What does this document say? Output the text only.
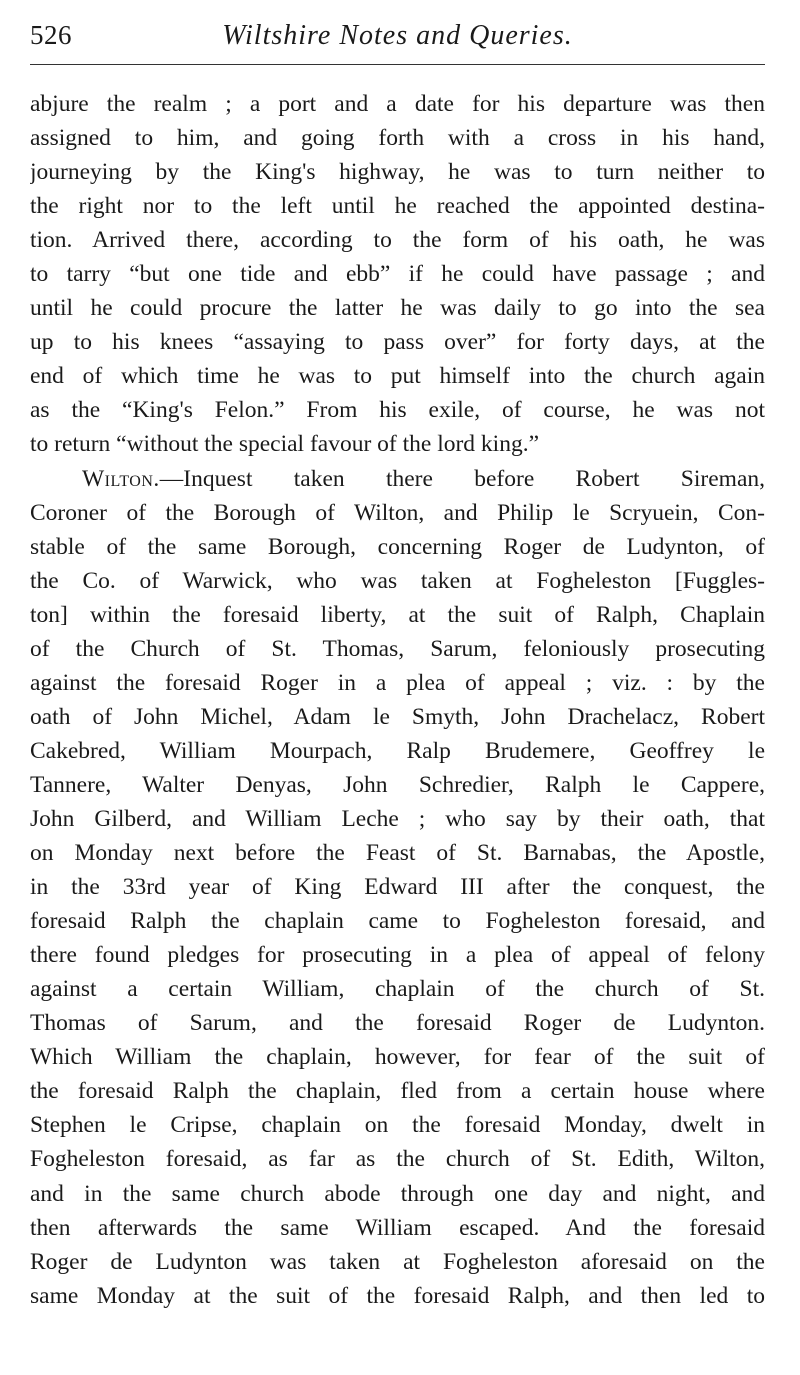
526	Wiltshire Notes and Queries.
abjure the realm ; a port and a date for his departure was then
assigned to him, and going forth with a cross in his hand,
journeying by the King's highway, he was to turn neither to
the right nor to the left until he reached the appointed destina-
tion. Arrived there, according to the form of his oath, he was
to tarry “but one tide and ebb” if he could have passage ; and
until he could procure the latter he was daily to go into the sea
up to his knees “assaying to pass over” for forty days, at the
end of which time he was to put himself into the church again
as the “King's Felon.” From his exile, of course, he was not
to return “without the special favour of the lord king.”
Wilton.—Inquest taken there before Robert Sireman,
Coroner of the Borough of Wilton, and Philip le Scryuein, Con-
stable of the same Borough, concerning Roger de Ludynton, of
the Co. of Warwick, who was taken at Fogheleston [Fuggles-
ton] within the foresaid liberty, at the suit of Ralph, Chaplain
of the Church of St. Thomas, Sarum, feloniously prosecuting
against the foresaid Roger in a plea of appeal ; viz. : by the
oath of John Michel, Adam le Smyth, John Drachelacz, Robert
Cakebred, William Mourpach, Ralp Brudemere, Geoffrey le
Tannere, Walter Denyas, John Schredier, Ralph le Cappere,
John Gilberd, and William Leche ; who say by their oath, that
on Monday next before the Feast of St. Barnabas, the Apostle,
in the 33rd year of King Edward III after the conquest, the
foresaid Ralph the chaplain came to Fogheleston foresaid, and
there found pledges for prosecuting in a plea of appeal of felony
against a certain William, chaplain of the church of St.
Thomas of Sarum, and the foresaid Roger de Ludynton.
Which William the chaplain, however, for fear of the suit of
the foresaid Ralph the chaplain, fled from a certain house where
Stephen le Cripse, chaplain on the foresaid Monday, dwelt in
Fogheleston foresaid, as far as the church of St. Edith, Wilton,
and in the same church abode through one day and night, and
then afterwards the same William escaped. And the foresaid
Roger de Ludynton was taken at Fogheleston aforesaid on the
same Monday at the suit of the foresaid Ralph, and then led to
